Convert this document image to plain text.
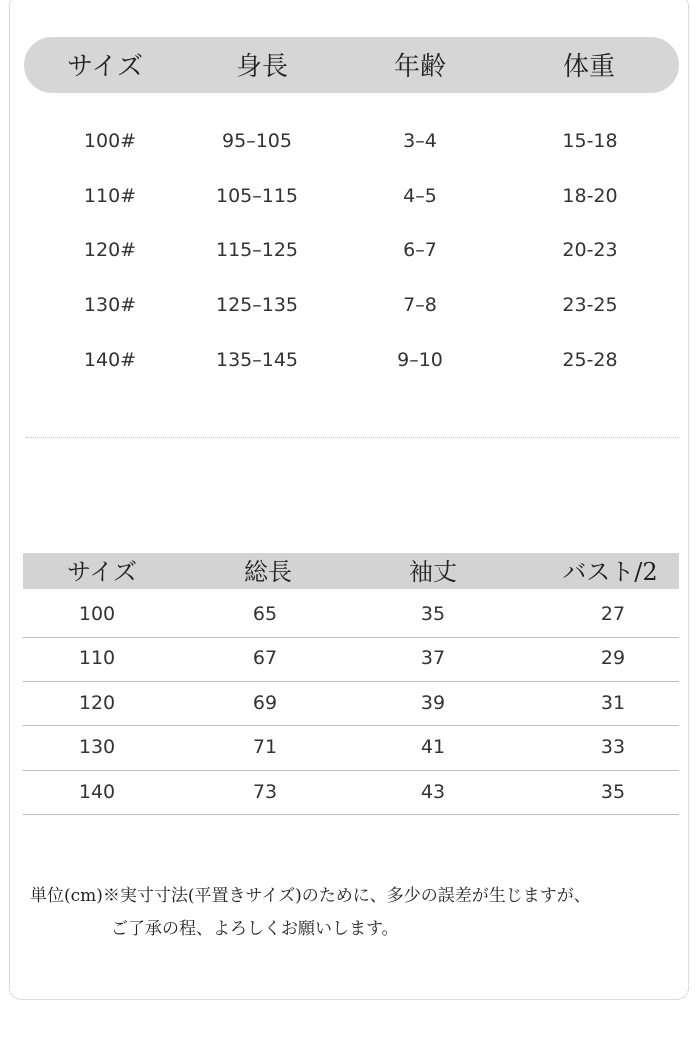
サイズ	身長	年齢	体重
100#	95–105	3–4	15-18
110#	105–115	4–5	18-20
120#	115–125	6–7	20-23
130#	125–135	7–8	23-25
140#	135–145	9–10	25-28
サイズ	総長	袖丈	バスト/2
100	65	35	27
110	67	37	29
120	69	39	31
130	71	41	33
140	73	43	35
単位(cm)※実寸寸法(平置きサイズ)のために、多少の誤差が生じますが、
ご了承の程、よろしくお願いします。
